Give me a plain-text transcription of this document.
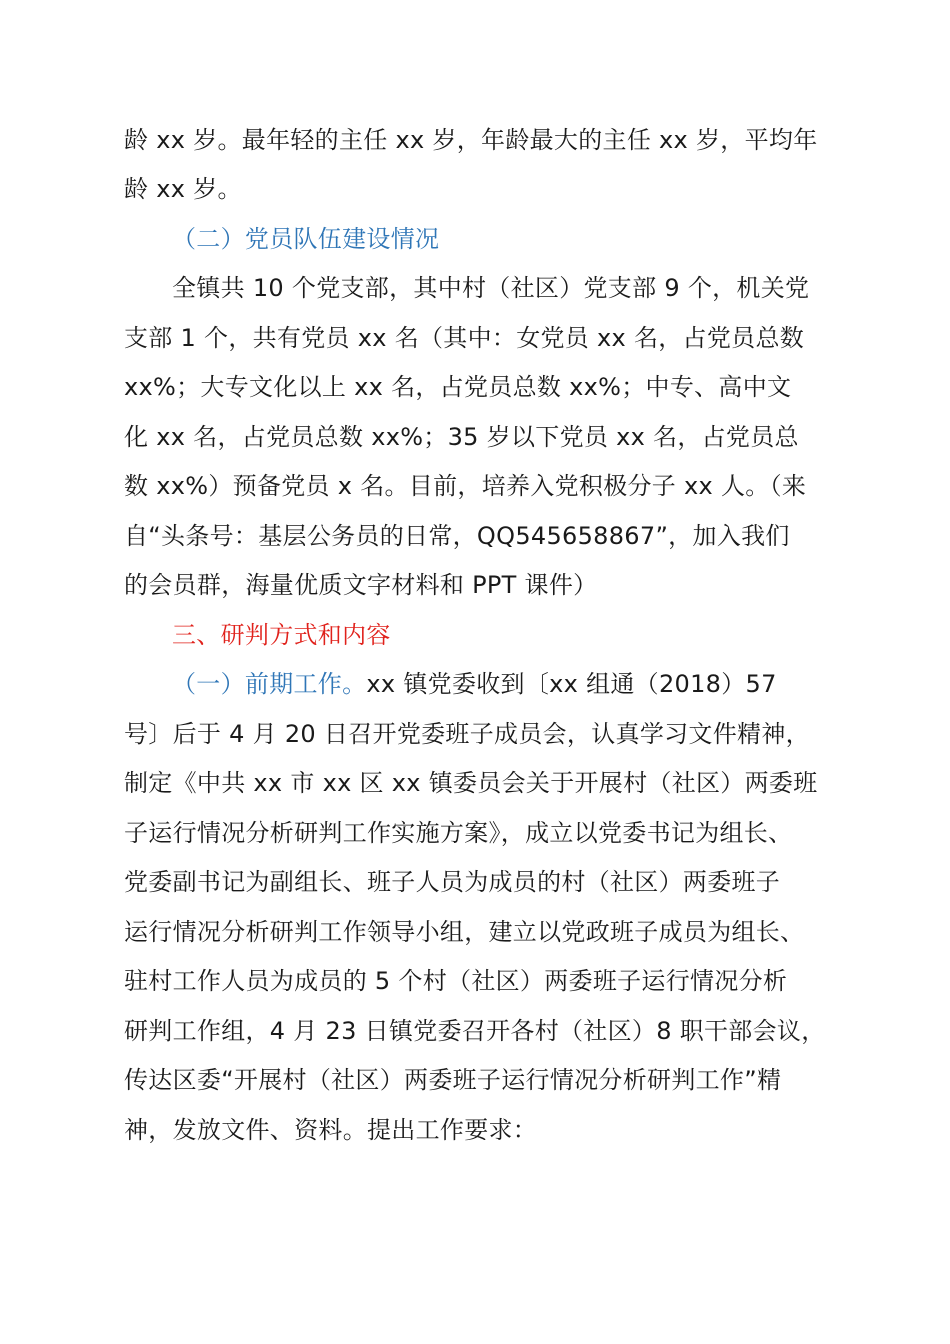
龄 xx 岁。最年轻的主任 xx 岁，年龄最大的主任 xx 岁，平均年
龄 xx 岁。
（二）党员队伍建设情况
全镇共 10 个党支部，其中村（社区）党支部 9 个，机关党
支部 1 个，共有党员 xx 名（其中：女党员 xx 名，占党员总数
xx%；大专文化以上 xx 名，占党员总数 xx%；中专、高中文
化 xx 名，占党员总数 xx%；35 岁以下党员 xx 名，占党员总
数 xx%）预备党员 x 名。目前，培养入党积极分子 xx 人。（来
自“头条号：基层公务员的日常，QQ545658867”，加入我们
的会员群，海量优质文字材料和 PPT 课件）
三、研判方式和内容
（一）前期工作。xx 镇党委收到〔xx 组通（2018）57
号〕后于 4 月 20 日召开党委班子成员会，认真学习文件精神，
制定《中共 xx 市 xx 区 xx 镇委员会关于开展村（社区）两委班
子运行情况分析研判工作实施方案》，成立以党委书记为组长、
党委副书记为副组长、班子人员为成员的村（社区）两委班子
运行情况分析研判工作领导小组，建立以党政班子成员为组长、
驻村工作人员为成员的 5 个村（社区）两委班子运行情况分析
研判工作组，4 月 23 日镇党委召开各村（社区）8 职干部会议，
传达区委“开展村（社区）两委班子运行情况分析研判工作”精
神，发放文件、资料。提出工作要求：
